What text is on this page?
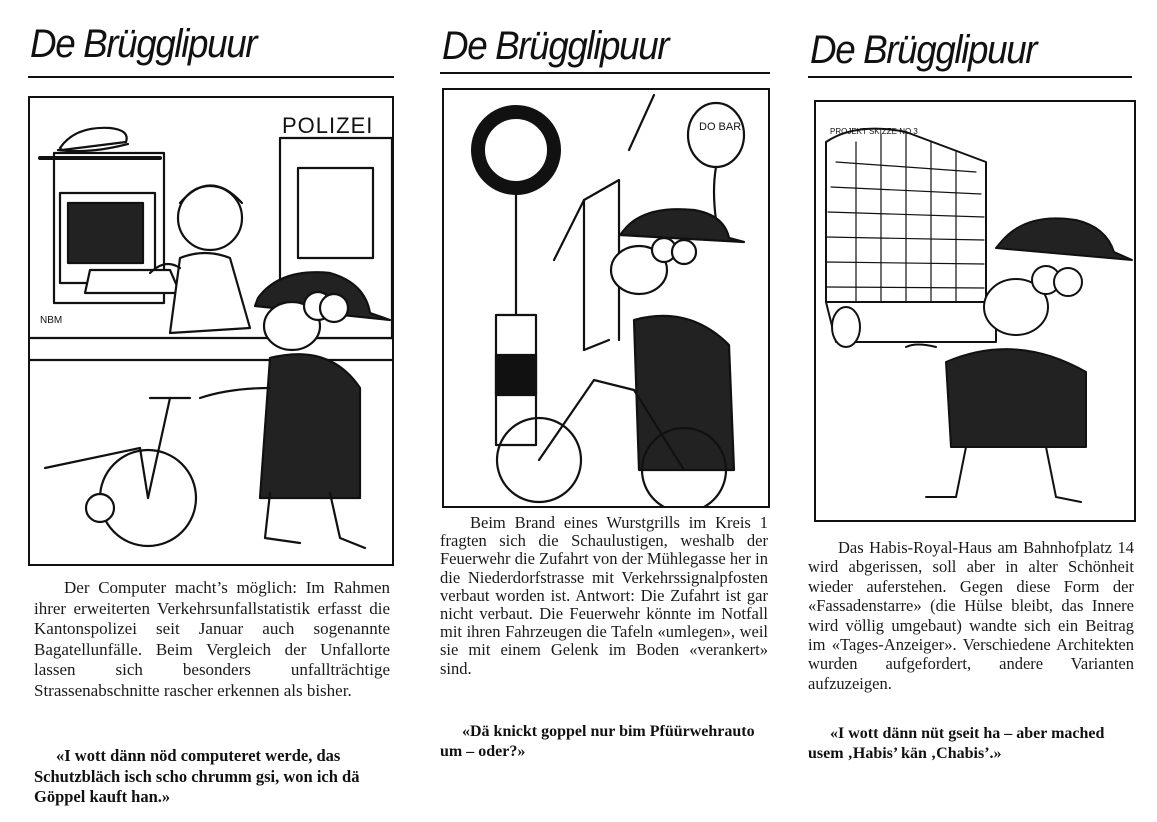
De Brügglipuur
POLIZEI
NBM

Der Computer macht’s möglich: Im Rahmen ihrer erweiterten Verkehrsunfallstatistik erfasst die Kantonspolizei seit Januar auch sogenannte Bagatellunfälle. Beim Vergleich der Unfallorte lassen sich besonders unfallträchtige Strassenabschnitte rascher erkennen als bisher.

«I wott dänn nöd computeret werde, das Schutzbläch isch scho chrumm gsi, won ich dä Göppel kauft han.»

De Brügglipuur
DO BAR

Beim Brand eines Wurstgrills im Kreis 1 fragten sich die Schaulustigen, weshalb der Feuerwehr die Zufahrt von der Mühlegasse her in die Niederdorfstrasse mit Verkehrssignalpfosten verbaut worden ist. Antwort: Die Zufahrt ist gar nicht verbaut. Die Feuerwehr könnte im Notfall mit ihren Fahrzeugen die Tafeln «umlegen», weil sie mit einem Gelenk im Boden «verankert» sind.

«Dä knickt goppel nur bim Pfüürwehrauto um – oder?»

De Brügglipuur
PROJEKT SKIZZE NO 3

Das Habis-Royal-Haus am Bahnhofplatz 14 wird abgerissen, soll aber in alter Schönheit wieder auferstehen. Gegen diese Form der «Fassadenstarre» (die Hülse bleibt, das Innere wird völlig umgebaut) wandte sich ein Beitrag im «Tages-Anzeiger». Verschiedene Architekten wurden aufgefordert, andere Varianten aufzuzeigen.

«I wott dänn nüt gseit ha – aber mached usem ‚Habis’ kän ‚Chabis’.»
